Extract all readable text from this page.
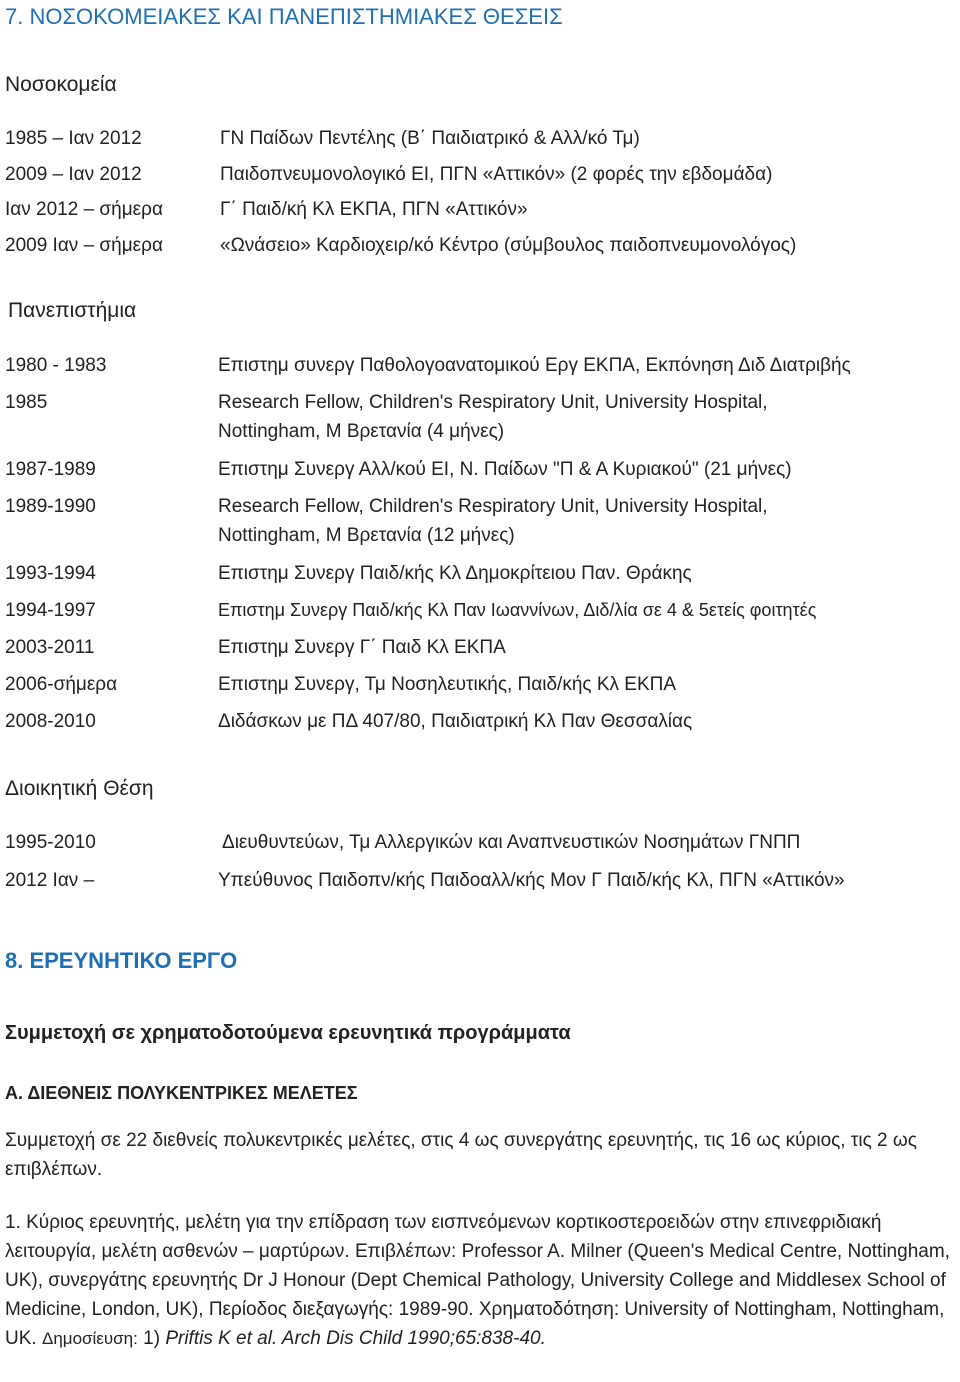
7. ΝΟΣΟΚΟΜΕΙΑΚΕΣ ΚΑΙ ΠΑΝΕΠΙΣΤΗΜΙΑΚΕΣ ΘΕΣΕΙΣ
Νοσοκομεία
1985 – Ιαν 2012	ΓΝ Παίδων Πεντέλης (Β΄ Παιδιατρικό & Αλλ/κό Τμ)
2009 – Ιαν 2012	Παιδοπνευμονολογικό ΕΙ, ΠΓΝ «Αττικόν» (2 φορές την εβδομάδα)
Ιαν 2012 – σήμερα	Γ΄ Παιδ/κή Κλ ΕΚΠΑ, ΠΓΝ «Αττικόν»
2009 Ιαν – σήμερα	«Ωνάσειο» Καρδιοχειρ/κό Κέντρο (σύμβουλος παιδοπνευμονολόγος)
Πανεπιστήμια
1980 - 1983	Επιστημ συνεργ Παθολογοανατομικού Εργ ΕΚΠΑ, Εκπόνηση Διδ Διατριβής
1985	Research Fellow, Children's Respiratory Unit, University Hospital,
Nottingham, Μ Βρετανία (4 μήνες)
1987-1989	Επιστημ Συνεργ Αλλ/κού ΕΙ, Ν. Παίδων "Π & Α Κυριακού" (21 μήνες)
1989-1990	Research Fellow, Children's Respiratory Unit, University Hospital,
Nottingham, Μ Βρετανία (12 μήνες)
1993-1994	Επιστημ Συνεργ Παιδ/κής Κλ Δημοκρίτειου Παν. Θράκης
1994-1997	Επιστημ Συνεργ Παιδ/κής Κλ Παν Ιωαννίνων, Διδ/λία σε 4 & 5ετείς φοιτητές
2003-2011	Επιστημ Συνεργ Γ΄ Παιδ Κλ ΕΚΠΑ
2006-σήμερα	Επιστημ Συνεργ, Τμ Νοσηλευτικής, Παιδ/κής Κλ ΕΚΠΑ
2008-2010	Διδάσκων με ΠΔ 407/80, Παιδιατρική Κλ Παν Θεσσαλίας
Διοικητική Θέση
1995-2010	Διευθυντεύων, Τμ Αλλεργικών και Αναπνευστικών Νοσημάτων ΓΝΠΠ
2012 Ιαν –	Υπεύθυνος Παιδοπν/κής Παιδοαλλ/κής Μον Γ Παιδ/κής Κλ, ΠΓΝ «Αττικόν»
8. ΕΡΕΥΝΗΤΙΚΟ ΕΡΓΟ
Συμμετοχή σε χρηματοδοτούμενα ερευνητικά προγράμματα
Α. ΔΙΕΘΝΕΙΣ ΠΟΛΥΚΕΝΤΡΙΚΕΣ ΜΕΛΕΤΕΣ
Συμμετοχή σε 22 διεθνείς πολυκεντρικές μελέτες, στις 4 ως συνεργάτης ερευνητής, τις 16 ως κύριος, τις 2 ως επιβλέπων.
1. Κύριος ερευνητής, μελέτη για την επίδραση των εισπνεόμενων κορτικοστεροειδών στην επινεφριδιακή λειτουργία, μελέτη ασθενών – μαρτύρων. Επιβλέπων: Professor A. Milner (Queen's Medical Centre, Nottingham, UK), συνεργάτης ερευνητής Dr J Honour (Dept Chemical Pathology, University College and Middlesex School of Medicine, London, UK), Περίοδος διεξαγωγής: 1989-90. Χρηματοδότηση: University of Nottingham, Nottingham, UK. Δημοσίευση: 1) Priftis K et al. Arch Dis Child 1990;65:838-40.
